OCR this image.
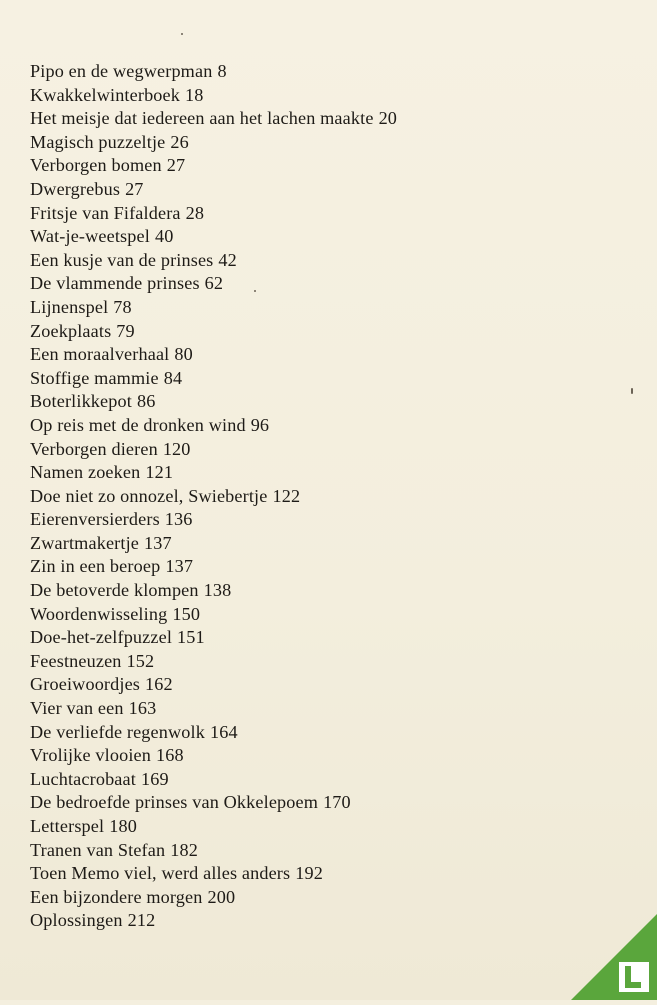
Pipo en de wegwerpman 8
Kwakkelwinterboek 18
Het meisje dat iedereen aan het lachen maakte 20
Magisch puzzeltje 26
Verborgen bomen 27
Dwergrebus 27
Fritsje van Fifaldera 28
Wat-je-weetspel 40
Een kusje van de prinses 42
De vlammende prinses 62
Lijnenspel 78
Zoekplaats 79
Een moraalverhaal 80
Stoffige mammie 84
Boterlikkepot 86
Op reis met de dronken wind 96
Verborgen dieren 120
Namen zoeken 121
Doe niet zo onnozel, Swiebertje 122
Eierenversierders 136
Zwartmakertje 137
Zin in een beroep 137
De betoverde klompen 138
Woordenwisseling 150
Doe-het-zelfpuzzel 151
Feestneuzen 152
Groeiwoordjes 162
Vier van een 163
De verliefde regenwolk 164
Vrolijke vlooien 168
Luchtacrobaat 169
De bedroefde prinses van Okkelepoem 170
Letterspel 180
Tranen van Stefan 182
Toen Memo viel, werd alles anders 192
Een bijzondere morgen 200
Oplossingen 212
